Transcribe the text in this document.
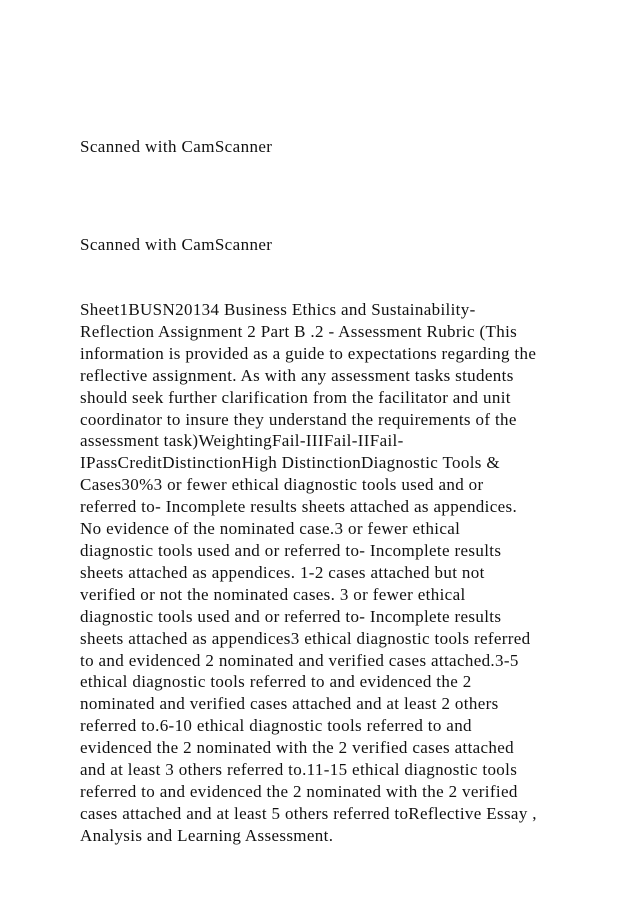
Scanned with CamScanner

Scanned with CamScanner

Sheet1BUSN20134 Business Ethics and Sustainability-
Reflection Assignment 2 Part B .2 - Assessment Rubric (This
information is provided as a guide to expectations regarding the
reflective assignment. As with any assessment tasks students
should seek further clarification from the facilitator and unit
coordinator to insure they understand the requirements of the
assessment task)WeightingFail-IIIFail-IIFail-
IPassCreditDistinctionHigh DistinctionDiagnostic Tools &
Cases30%3 or fewer ethical diagnostic tools used and or
referred to- Incomplete results sheets attached as appendices.
No evidence of the nominated case.3 or fewer ethical
diagnostic tools used and or referred to- Incomplete results
sheets attached as appendices. 1-2 cases attached but not
verified or not the nominated cases. 3 or fewer ethical
diagnostic tools used and or referred to- Incomplete results
sheets attached as appendices3 ethical diagnostic tools referred
to and evidenced 2 nominated and verified cases attached.3-5
ethical diagnostic tools referred to and evidenced the 2
nominated and verified cases attached and at least 2 others
referred to.6-10 ethical diagnostic tools referred to and
evidenced the 2 nominated with the 2 verified cases attached
and at least 3 others referred to.11-15 ethical diagnostic tools
referred to and evidenced the 2 nominated with the 2 verified
cases attached and at least 5 others referred toReflective Essay ,
Analysis and Learning Assessment.
